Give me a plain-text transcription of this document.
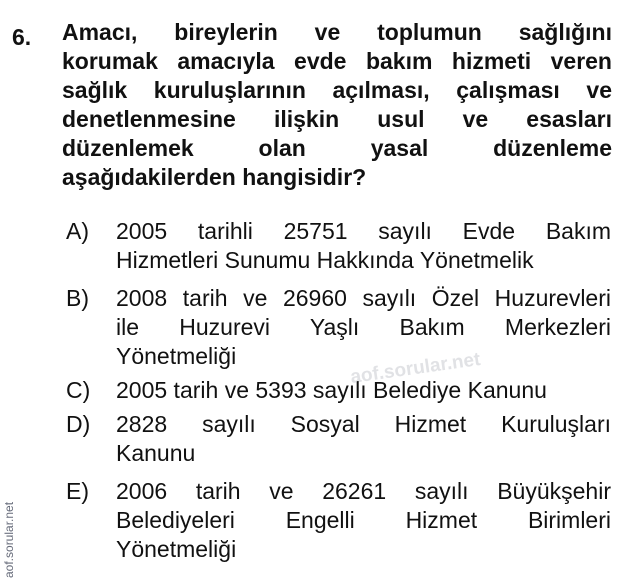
6. Amacı, bireylerin ve toplumun sağlığını
korumak amacıyla evde bakım hizmeti veren
sağlık kuruluşlarının açılması, çalışması ve
denetlenmesine ilişkin usul ve esasları
düzenlemek olan yasal düzenleme
aşağıdakilerden hangisidir?
A) 2005 tarihli 25751 sayılı Evde Bakım
Hizmetleri Sunumu Hakkında Yönetmelik
B) 2008 tarih ve 26960 sayılı Özel Huzurevleri
ile Huzurevi Yaşlı Bakım Merkezleri
Yönetmeliği
C) 2005 tarih ve 5393 sayılı Belediye Kanunu
D) 2828 sayılı Sosyal Hizmet Kuruluşları
Kanunu
E) 2006 tarih ve 26261 sayılı Büyükşehir
Belediyeleri Engelli Hizmet Birimleri
Yönetmeliği
aof.sorular.net
aof.sorular.net
